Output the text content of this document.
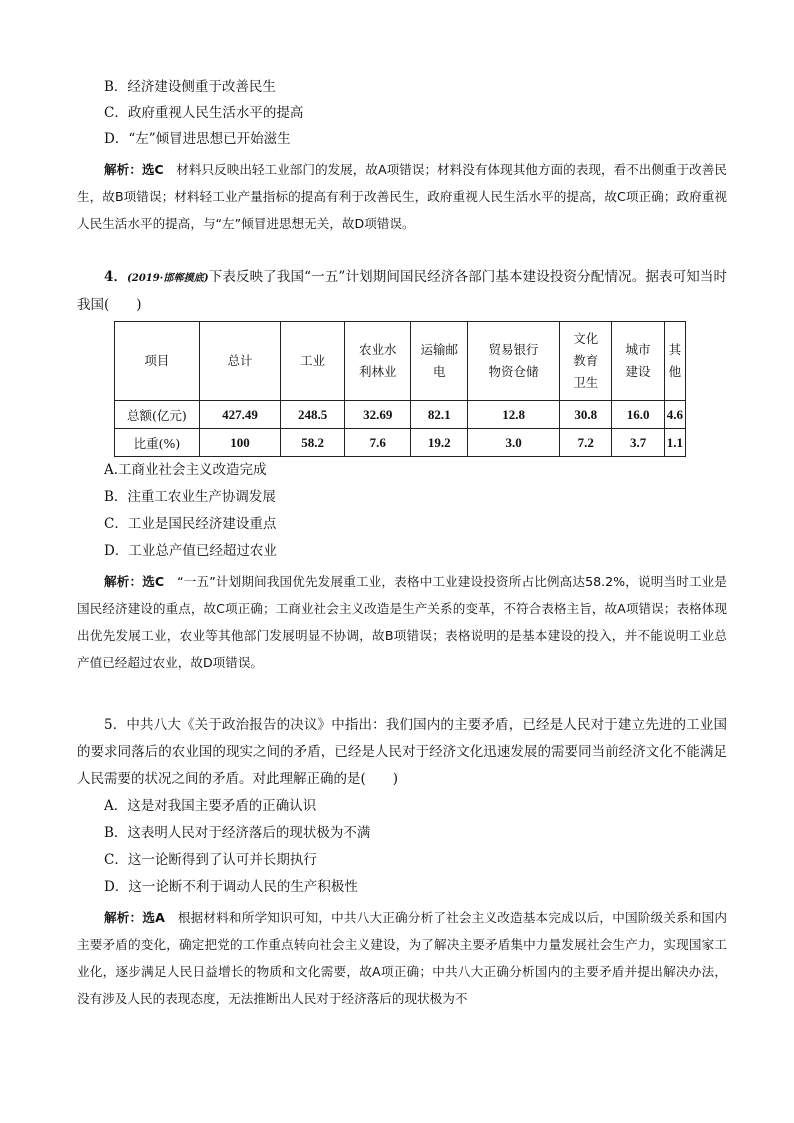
B．经济建设侧重于改善民生
C．政府重视人民生活水平的提高
D．“左”倾冒进思想已开始滋生
解析：选C　 材料只反映出轻工业部门的发展，故A项错误；材料没有体现其他方面的表现，看不出侧重于改善民生，故B项错误；材料轻工业产量指标的提高有利于改善民生，政府重视人民生活水平的提高，故C项正确；政府重视人民生活水平的提高，与“左”倾冒进思想无关，故D项错误。
4．(2019·邯郸摸底)下表反映了我国“一五”计划期间国民经济各部门基本建设投资分配情况。据表可知当时我国(　　)
项目	总计	工业	农业水利林业	运输邮电	贸易银行物资仓储	文化教育卫生	城市建设	其他
总额(亿元)	427.49	248.5	32.69	82.1	12.8	30.8	16.0	4.6
比重(%)	100	58.2	7.6	19.2	3.0	7.2	3.7	1.1
A.工商业社会主义改造完成
B．注重工农业生产协调发展
C．工业是国民经济建设重点
D．工业总产值已经超过农业
解析：选C　 “一五”计划期间我国优先发展重工业，表格中工业建设投资所占比例高达58.2%，说明当时工业是国民经济建设的重点，故C项正确；工商业社会主义改造是生产关系的变革，不符合表格主旨，故A项错误；表格体现出优先发展工业，农业等其他部门发展明显不协调，故B项错误；表格说明的是基本建设的投入，并不能说明工业总产值已经超过农业，故D项错误。
5．中共八大《关于政治报告的决议》中指出：我们国内的主要矛盾，已经是人民对于建立先进的工业国的要求同落后的农业国的现实之间的矛盾，已经是人民对于经济文化迅速发展的需要同当前经济文化不能满足人民需要的状况之间的矛盾。对此理解正确的是(　　)
A．这是对我国主要矛盾的正确认识
B．这表明人民对于经济落后的现状极为不满
C．这一论断得到了认可并长期执行
D．这一论断不利于调动人民的生产积极性
解析：选A　 根据材料和所学知识可知，中共八大正确分析了社会主义改造基本完成以后，中国阶级关系和国内主要矛盾的变化，确定把党的工作重点转向社会主义建设，为了解决主要矛盾集中力量发展社会生产力，实现国家工业化，逐步满足人民日益增长的物质和文化需要，故A项正确；中共八大正确分析国内的主要矛盾并提出解决办法，没有涉及人民的表现态度，无法推断出人民对于经济落后的现状极为不
